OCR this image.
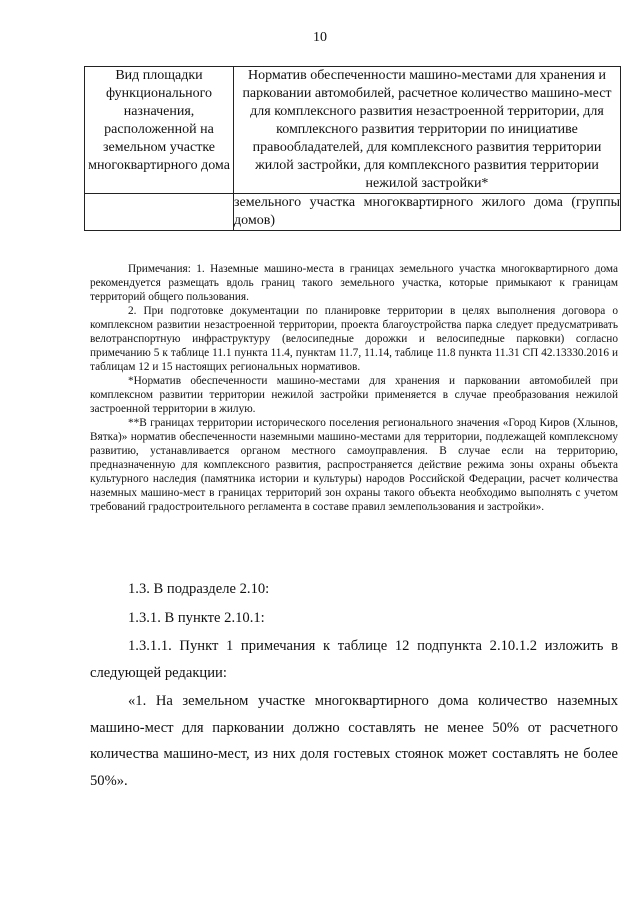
10
Вид площадки функционального назначения, расположенной на земельном участке многоквартирного дома	Норматив обеспеченности машино-местами для хранения и парковании автомобилей, расчетное количество машино-мест для комплексного развития незастроенной территории, для комплексного развития территории по инициативе правообладателей, для комплексного развития территории жилой застройки, для комплексного развития территории нежилой застройки*
	земельного участка многоквартирного жилого дома (группы домов)

Примечания: 1. Наземные машино-места в границах земельного участка многоквартирного дома рекомендуется размещать вдоль границ такого земельного участка, которые примыкают к границам территорий общего пользования.

2. При подготовке документации по планировке территории в целях выполнения договора о комплексном развитии незастроенной территории, проекта благоустройства парка следует предусматривать велотранспортную инфраструктуру (велосипедные дорожки и велосипедные парковки) согласно примечанию 5 к таблице 11.1 пункта 11.4, пунктам 11.7, 11.14, таблице 11.8 пункта 11.31 СП 42.13330.2016 и таблицам 12 и 15 настоящих региональных нормативов.

*Норматив обеспеченности машино-местами для хранения и парковании автомобилей при комплексном развитии территории нежилой застройки применяется в случае преобразования нежилой застроенной территории в жилую.

**В границах территории исторического поселения регионального значения «Город Киров (Хлынов, Вятка)» норматив обеспеченности наземными машино-местами для территории, подлежащей комплексному развитию, устанавливается органом местного самоуправления. В случае если на территорию, предназначенную для комплексного развития, распространяется действие режима зоны охраны объекта культурного наследия (памятника истории и культуры) народов Российской Федерации, расчет количества наземных машино-мест в границах территорий зон охраны такого объекта необходимо выполнять с учетом требований градостроительного регламента в составе правил землепользования и застройки».

1.3. В подразделе 2.10:

1.3.1. В пункте 2.10.1:

1.3.1.1. Пункт 1 примечания к таблице 12 подпункта 2.10.1.2 изложить в следующей редакции:

«1. На земельном участке многоквартирного дома количество наземных машино-мест для парковании должно составлять не менее 50% от расчетного количества машино-мест, из них доля гостевых стоянок может составлять не более 50%».
